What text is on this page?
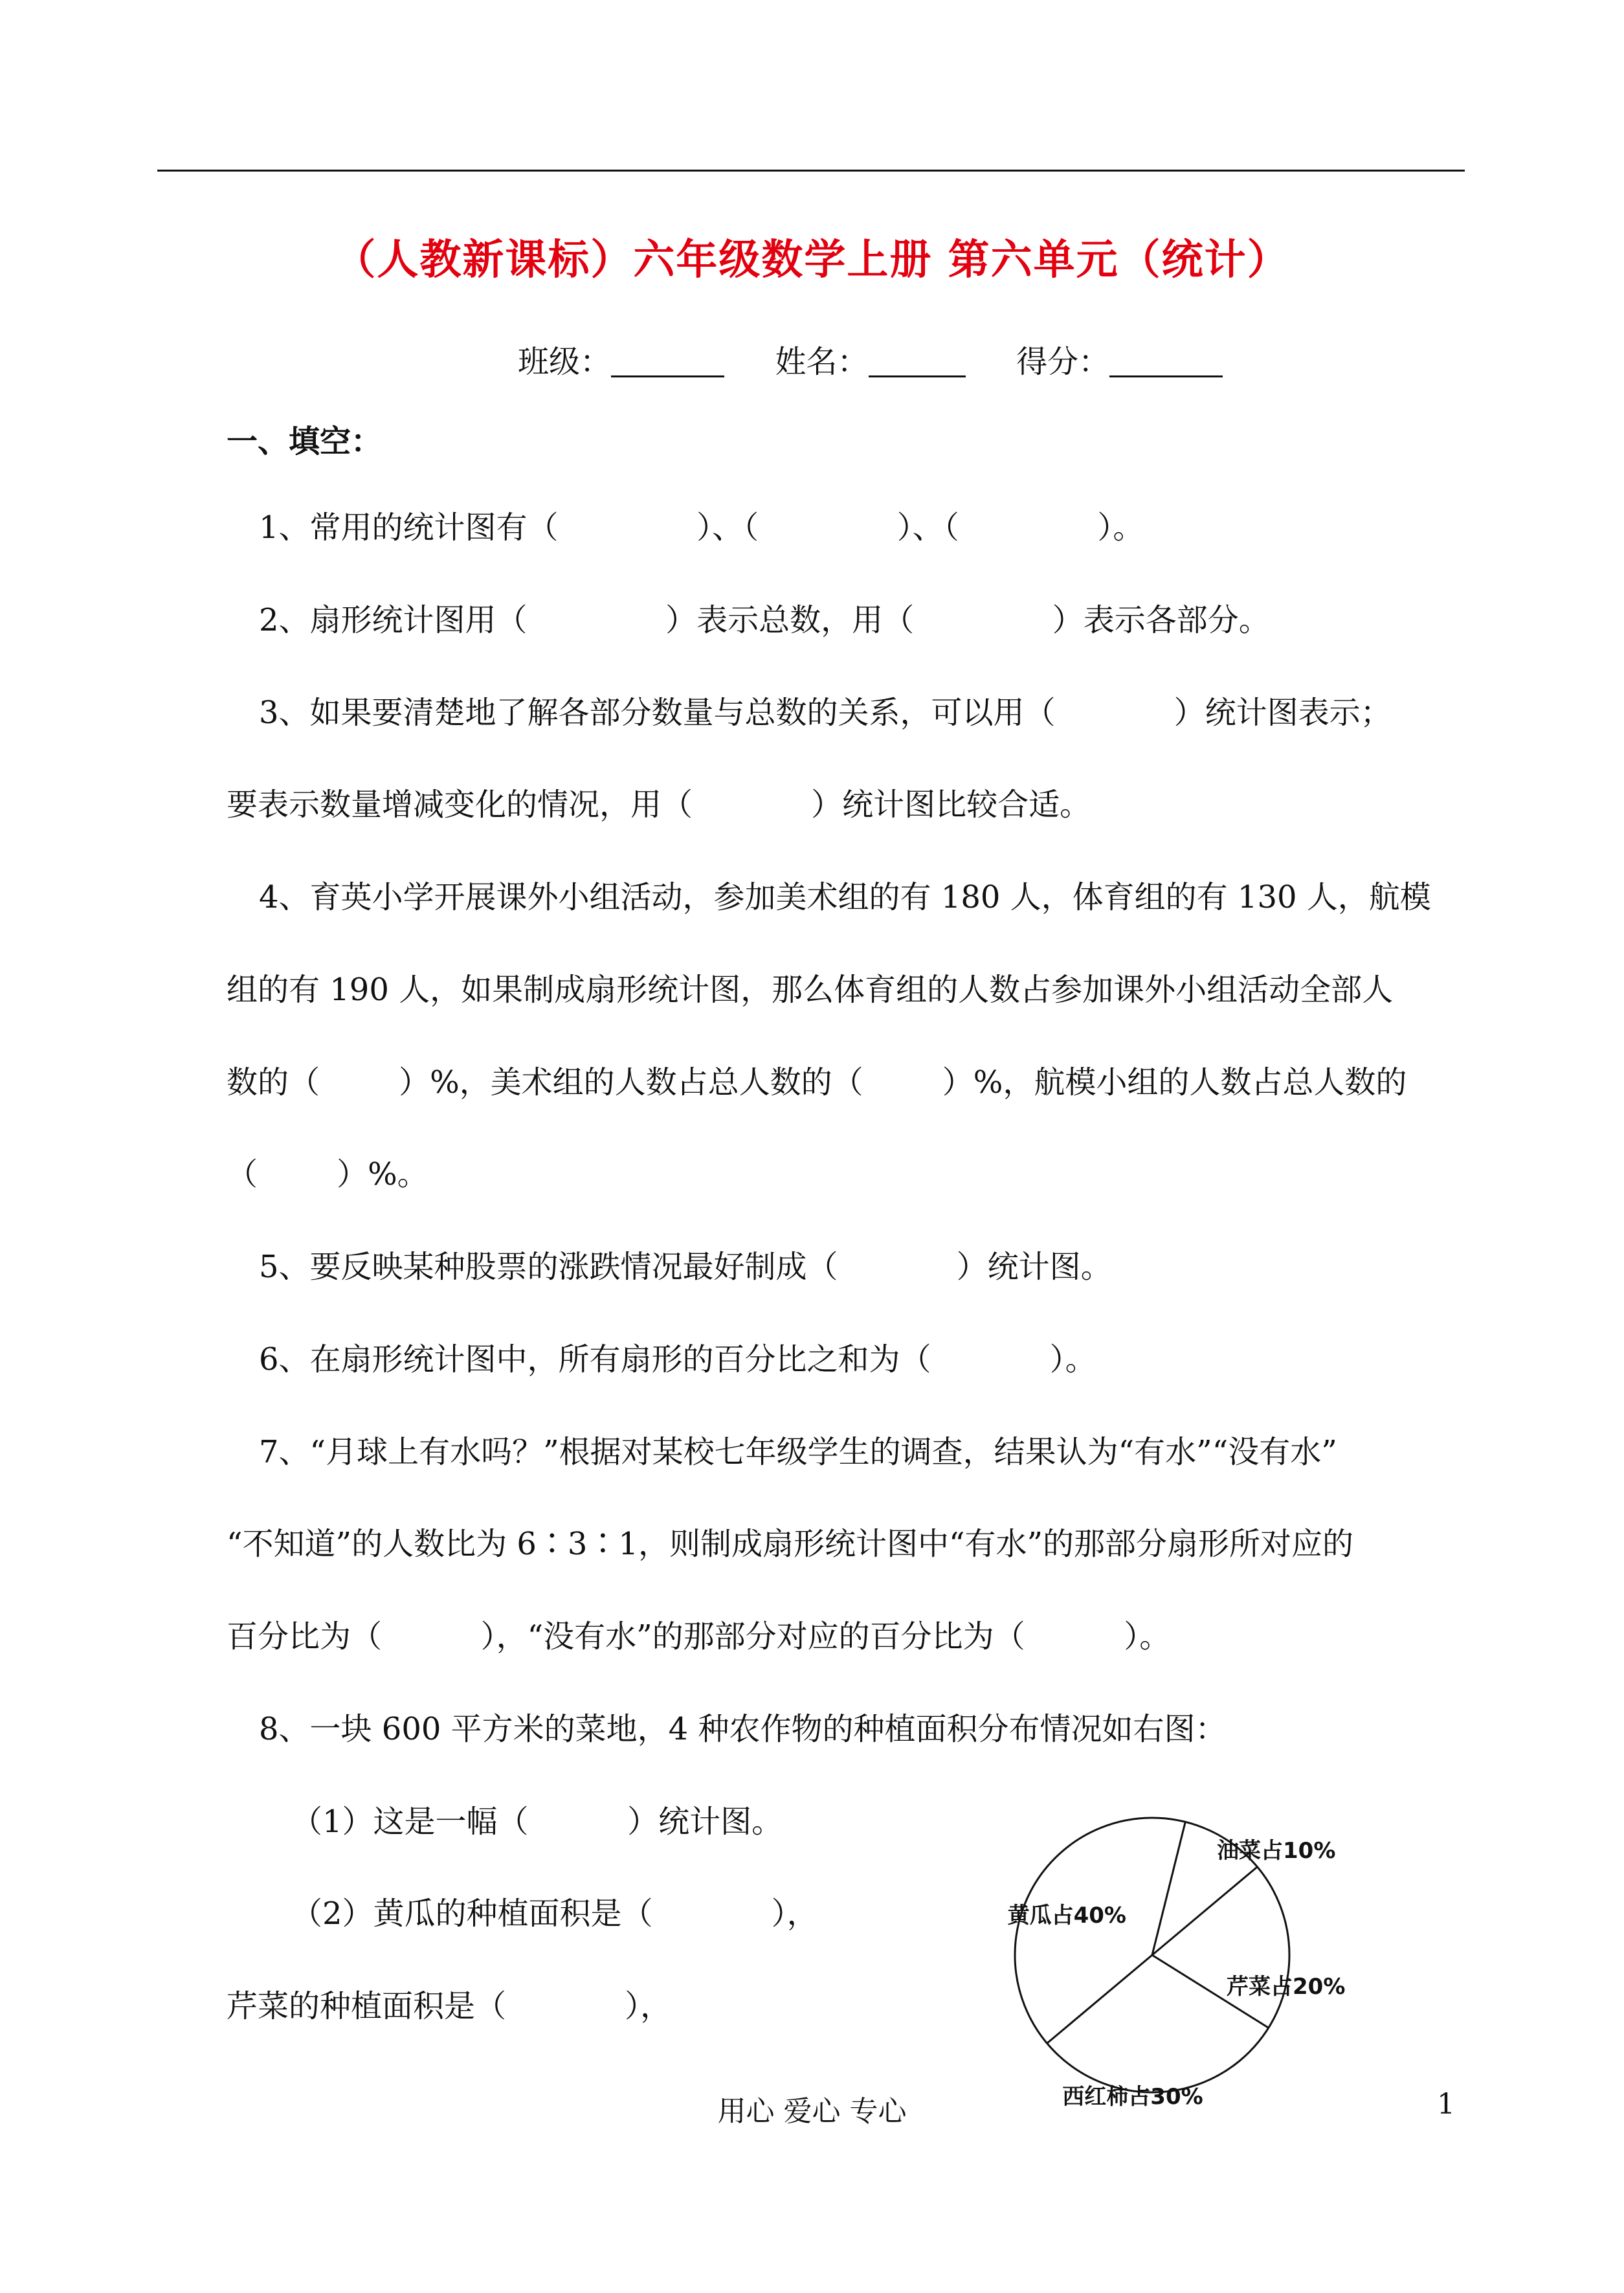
（人教新课标）六年级数学上册 第六单元（统计）
班级：	姓名：	得分：
一、填空：
1、常用的统计图有（              ）、（              ）、（              ）。
2、扇形统计图用（              ）表示总数，用（              ）表示各部分。
3、如果要清楚地了解各部分数量与总数的关系，可以用（            ）统计图表示；
要表示数量增减变化的情况，用（            ）统计图比较合适。
4、育英小学开展课外小组活动，参加美术组的有 180 人，体育组的有 130 人，航模
组的有 190 人，如果制成扇形统计图，那么体育组的人数占参加课外小组活动全部人
数的（        ）%，美术组的人数占总人数的（        ）%，航模小组的人数占总人数的
（        ）%。
5、要反映某种股票的涨跌情况最好制成（            ）统计图。
6、在扇形统计图中，所有扇形的百分比之和为（            ）。
7、“月球上有水吗？”根据对某校七年级学生的调查，结果认为“有水”“没有水”
“不知道”的人数比为 6∶3∶1，则制成扇形统计图中“有水”的那部分扇形所对应的
百分比为（          ），“没有水”的那部分对应的百分比为（          ）。
8、一块 600 平方米的菜地，4 种农作物的种植面积分布情况如右图：
（1）这是一幅（          ）统计图。
（2）黄瓜的种植面积是（            ），
芹菜的种植面积是（            ），
油菜占10%
芹菜占20%
西红柿占30%
黄瓜占40%
用心 爱心 专心	1
